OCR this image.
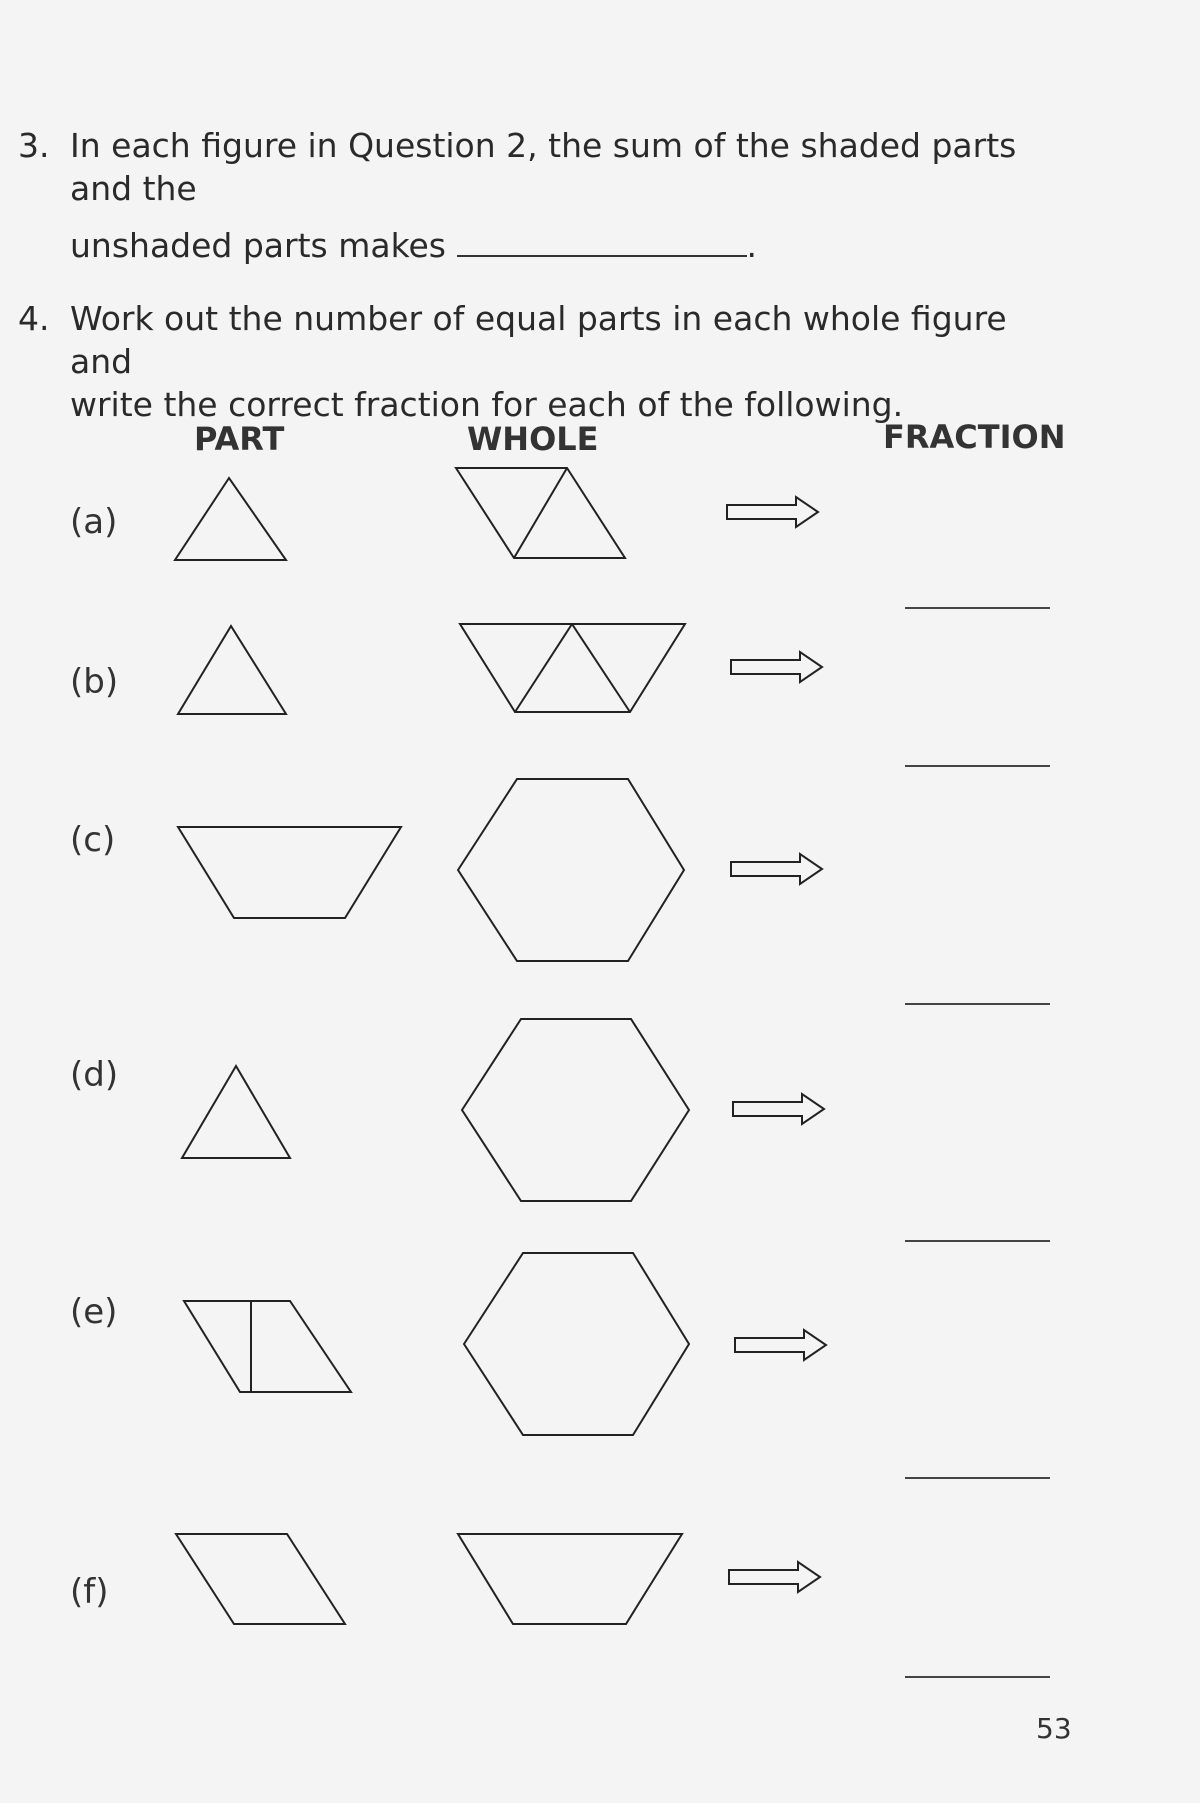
3. In each figure in Question 2, the sum of the shaded parts and the
unshaded parts makes	.
4. Work out the number of equal parts in each whole figure and
write the correct fraction for each of the following.
PART	WHOLE	FRACTION
(a)
(b)
(c)
(d)
(e)
(f)
53
